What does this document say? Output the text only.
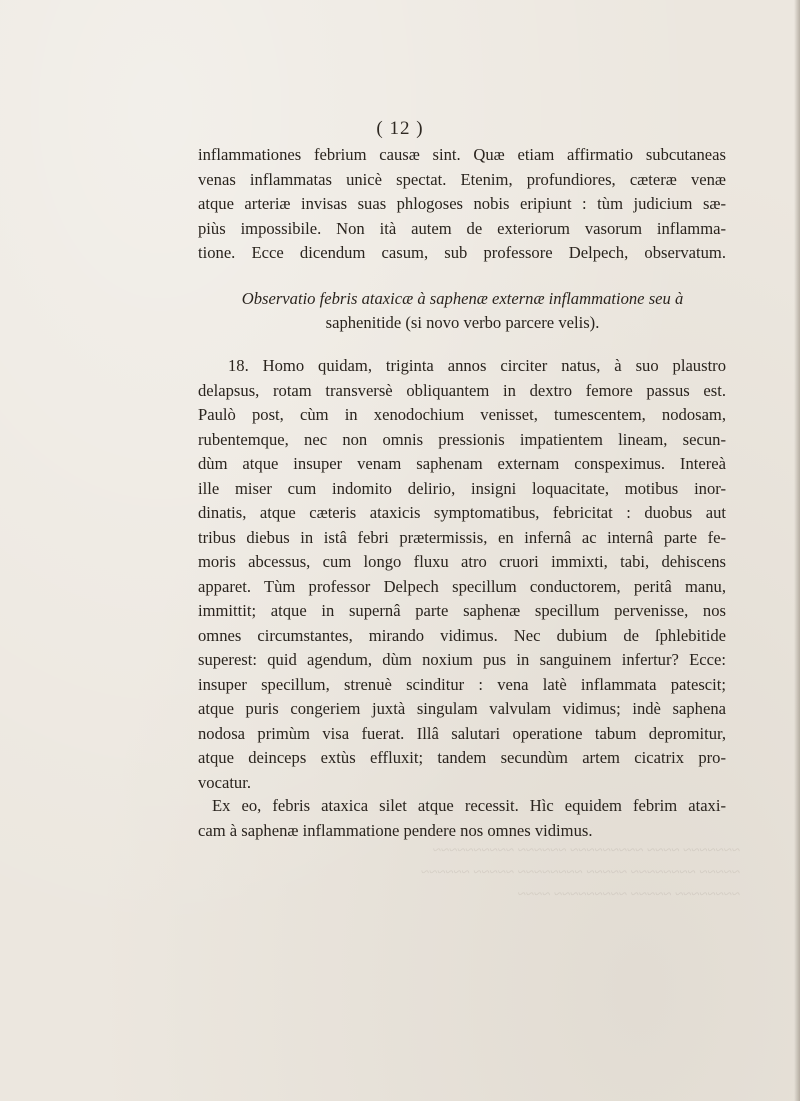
( 12 )
inflammationes febrium causæ sint. Quæ etiam affirmatio subcutaneas
venas inflammatas unicè spectat. Etenim, profundiores, cæteræ venæ
atque arteriæ invisas suas phlogoses nobis eripiunt : tùm judicium sæ-
piùs impossibile. Non ità autem de exteriorum vasorum inflamma-
tione. Ecce dicendum casum, sub professore Delpech, observatum.
Observatio febris ataxicæ à saphenæ externæ inflammatione seu à
saphenitide (si novo verbo parcere velis).
18. Homo quidam, triginta annos circiter natus, à suo plaustro
delapsus, rotam transversè obliquantem in dextro femore passus est.
Paulò post, cùm in xenodochium venisset, tumescentem, nodosam,
rubentemque, nec non omnis pressionis impatientem lineam, secun-
dùm atque insuper venam saphenam externam conspeximus. Intereà
ille miser cum indomito delirio, insigni loquacitate, motibus inor-
dinatis, atque cæteris ataxicis symptomatibus, febricitat : duobus aut
tribus diebus in istâ febri prætermissis, en infernâ ac internâ parte fe-
moris abcessus, cum longo fluxu atro cruori immixti, tabi, dehiscens
apparet. Tùm professor Delpech specillum conductorem, peritâ manu,
immittit; atque in supernâ parte saphenæ specillum pervenisse, nos
omnes circumstantes, mirando vidimus. Nec dubium de ſphlebitide
superest: quid agendum, dùm noxium pus in sanguinem infertur? Ecce:
insuper specillum, strenuè scinditur : vena latè inflammata patescit;
atque puris congeriem juxtà singulam valvulam vidimus; indè saphena
nodosa primùm visa fuerat. Illâ salutari operatione tabum depromitur,
atque deinceps extùs effluxit; tandem secundùm artem cicatrix pro-
vocatur.
Ex eo, febris ataxica silet atque recessit. Hìc equidem febrim ataxi-
cam à saphenæ inflammatione pendere nos omnes vidimus.
~~~~~~~ ~~~~ ~~~~~~~~~ ~~~~~~ ~~~~~~~~~~
~~~~~ ~~~~~~~~ ~~~~~ ~~~~~~~~ ~~~~~ ~~~~~~
~~~~~~~~ ~~~~~ ~~~~~~~~~ ~~~~
